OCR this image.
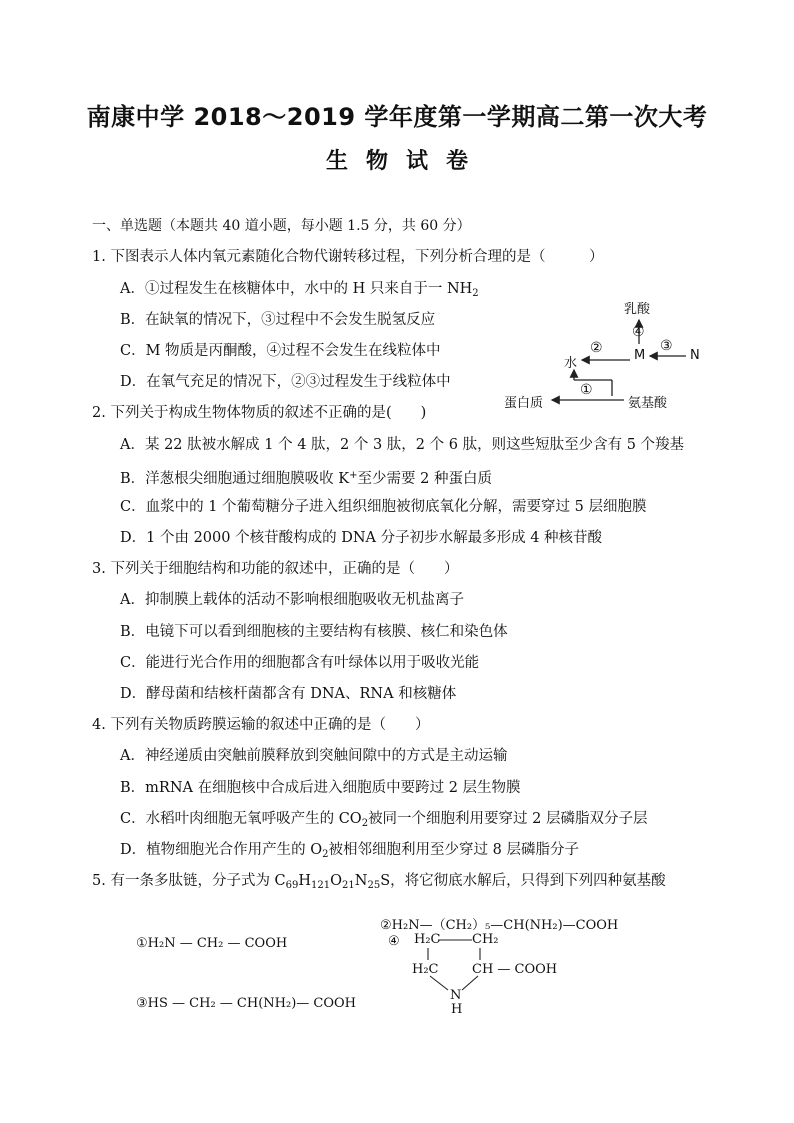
南康中学 2018～2019 学年度第一学期高二第一次大考
生物试卷
一、单选题（本题共 40 道小题，每小题 1.5 分，共 60 分）
1. 下图表示人体内氧元素随化合物代谢转移过程，下列分析合理的是（　　　）
A．①过程发生在核糖体中，水中的 H 只来自于一 $NH_2$
B．在缺氧的情况下，③过程中不会发生脱氢反应
C．M 物质是丙酮酸，④过程不会发生在线粒体中
D．在氧气充足的情况下，②③过程发生于线粒体中
乳酸
④
水
② M
③
N
①
蛋白质	氨基酸
2. 下列关于构成生物体物质的叙述不正确的是(　　)
A．某 22 肽被水解成 1 个 4 肽，2 个 3 肽，2 个 6 肽，则这些短肽至少含有 5 个羧基
B．洋葱根尖细胞通过细胞膜吸收 K+至少需要 2 种蛋白质
C．血浆中的 1 个葡萄糖分子进入组织细胞被彻底氧化分解，需要穿过 5 层细胞膜
D．1 个由 2000 个核苷酸构成的 DNA 分子初步水解最多形成 4 种核苷酸
3. 下列关于细胞结构和功能的叙述中，正确的是（　　）
A．抑制膜上载体的活动不影响根细胞吸收无机盐离子
B．电镜下可以看到细胞核的主要结构有核膜、核仁和染色体
C．能进行光合作用的细胞都含有叶绿体以用于吸收光能
D．酵母菌和结核杆菌都含有 DNA、RNA 和核糖体
4. 下列有关物质跨膜运输的叙述中正确的是（　　）
A．神经递质由突触前膜释放到突触间隙中的方式是主动运输
B．mRNA 在细胞核中合成后进入细胞质中要跨过 2 层生物膜
C．水稻叶肉细胞无氧呼吸产生的 $CO_2$被同一个细胞利用要穿过 2 层磷脂双分子层
D．植物细胞光合作用产生的 $O_2$被相邻细胞利用至少穿过 8 层磷脂分子
5. 有一条多肽链，分子式为 $C_{69}H_{121}O_{21}N_{25}S$，将它彻底水解后，只得到下列四种氨基酸
①H₂N — CH₂ — COOH
②H₂N—（CH₂）₅—CH(NH₂)—COOH
③HS — CH₂ — CH(NH₂)— COOH
④ H₂C CH₂
H₂C	CH — COOH
N
H
